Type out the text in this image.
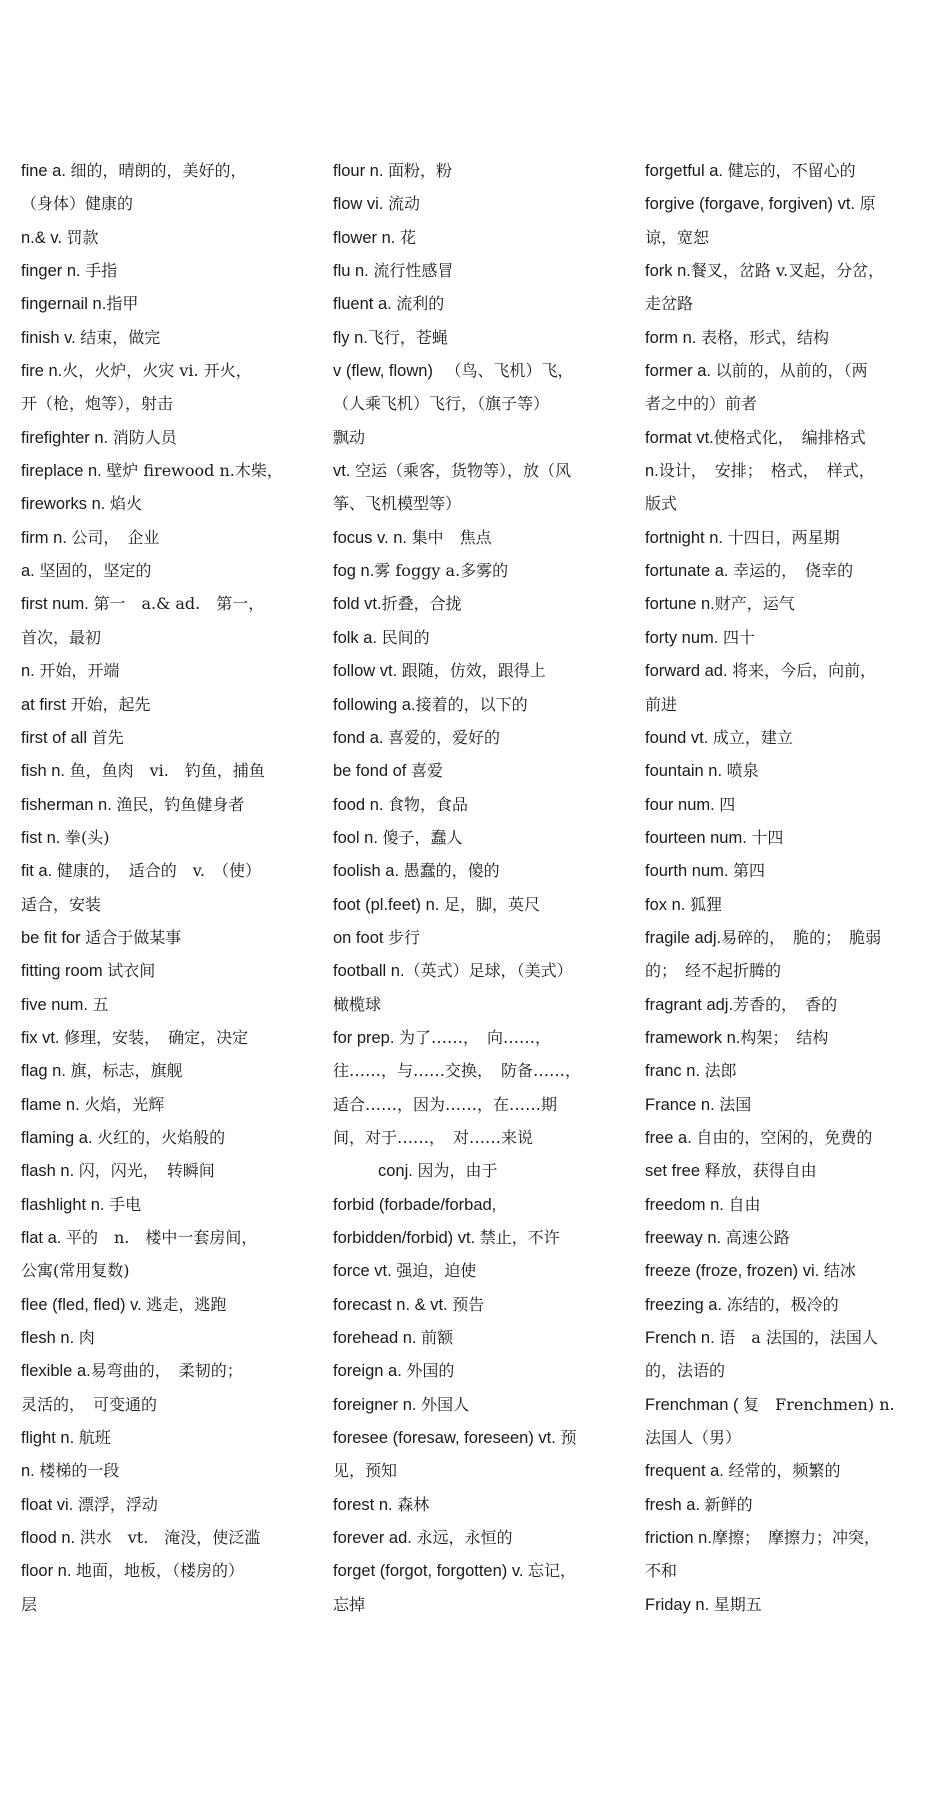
fine a. 细的，晴朗的，美好的，
（身体）健康的
n.& v. 罚款
finger n. 手指
fingernail n.指甲
finish v. 结束，做完
fire n.火，火炉，火灾 vi. 开火，
开（枪，炮等），射击
firefighter n. 消防人员
fireplace n. 壁炉 firewood n.木柴，
fireworks n. 焰火
firm n. 公司，　企业
a. 坚固的，坚定的
first num. 第一　a.& ad.　第一，
首次，最初
n. 开始，开端
at first 开始，起先
first of all 首先
fish n. 鱼，鱼肉　vi.　钓鱼，捕鱼
fisherman n. 渔民，钓鱼健身者
fist n. 拳(头)
fit a. 健康的，　适合的　v.　（使）
适合，安装
be fit for 适合于做某事
fitting room 试衣间
five num. 五
fix vt. 修理，安装，　确定，决定
flag n. 旗，标志，旗舰
flame n. 火焰，光辉
flaming a. 火红的，火焰般的
flash n. 闪，闪光，　转瞬间
flashlight n. 手电
flat a. 平的　n.　楼中一套房间，
公寓(常用复数)
flee (fled, fled) v. 逃走，逃跑
flesh n. 肉
flexible a.易弯曲的，　柔韧的；
灵活的，　可变通的
flight n. 航班
n. 楼梯的一段
float vi. 漂浮，浮动
flood n. 洪水　vt.　淹没，使泛滥
floor n. 地面，地板，（楼房的）
层
flour n. 面粉，粉
flow vi. 流动
flower n. 花
flu n. 流行性感冒
fluent a. 流利的
fly n.飞行，苍蝇
v (flew, flown) 　（鸟、飞机）飞，
（人乘飞机）飞行，（旗子等）
飘动
vt. 空运（乘客，货物等），放（风
筝、飞机模型等）
focus v. n. 集中　焦点
fog n.雾 foggy a.多雾的
fold vt.折叠，合拢
folk a. 民间的
follow vt. 跟随，仿效，跟得上
following a.接着的，以下的
fond a. 喜爱的，爱好的
be fond of 喜爱
food n. 食物，食品
fool n. 傻子，蠢人
foolish a. 愚蠢的，傻的
foot (pl.feet) n. 足，脚，英尺
on foot 步行
football n.（英式）足球，（美式）
橄榄球
for prep. 为了……，　向……，
往……，与……交换，　防备……，
适合……，因为……，在……期
间，对于……，　对……来说
conj. 因为，由于
forbid (forbade/forbad,
forbidden/forbid) vt. 禁止，不许
force vt. 强迫，迫使
forecast n. & vt. 预告
forehead n. 前额
foreign a. 外国的
foreigner n. 外国人
foresee (foresaw, foreseen) vt. 预
见，预知
forest n. 森林
forever ad. 永远，永恒的
forget (forgot, forgotten) v. 忘记，
忘掉
forgetful a. 健忘的，不留心的
forgive (forgave, forgiven) vt. 原
谅，宽恕
fork n.餐叉，岔路 v.叉起，分岔，
走岔路
form n. 表格，形式，结构
former a. 以前的，从前的，（两
者之中的）前者
format vt.使格式化，　编排格式
n.设计，　安排；　格式，　样式，
版式
fortnight n. 十四日，两星期
fortunate a. 幸运的，　侥幸的
fortune n.财产，运气
forty num. 四十
forward ad. 将来，今后，向前，
前进
found vt. 成立，建立
fountain n. 喷泉
four num. 四
fourteen num. 十四
fourth num. 第四
fox n. 狐狸
fragile adj.易碎的，　脆的；　脆弱
的；　经不起折腾的
fragrant adj.芳香的，　香的
framework n.构架；　结构
franc n. 法郎
France n. 法国
free a. 自由的，空闲的，免费的
set free 释放，获得自由
freedom n. 自由
freeway n. 高速公路
freeze (froze, frozen) vi. 结冰
freezing a. 冻结的，极冷的
French n. 语　a 法国的，法国人
的，法语的
Frenchman ( 复　Frenchmen) n.
法国人（男）
frequent a. 经常的，频繁的
fresh a. 新鲜的
friction n.摩擦；　摩擦力；冲突，
不和
Friday n. 星期五
